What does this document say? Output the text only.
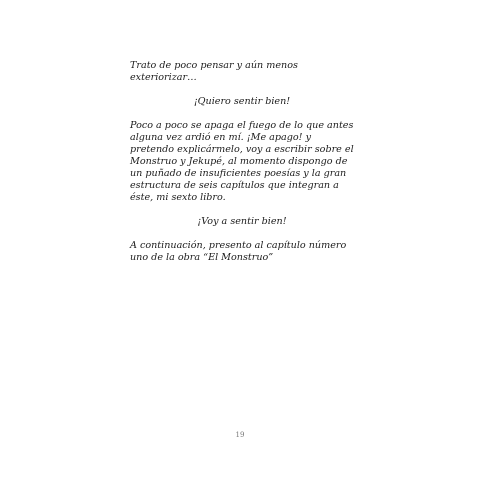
Trato de poco pensar y aún menos exteriorizar…

¡Quiero sentir bien!

Poco a poco se apaga el fuego de lo que antes alguna vez ardió en mí. ¡Me apago! y pretendo explicármelo, voy a escribir sobre el Monstruo y Jekupé, al momento dispongo de un puñado de insuficientes poesías y la gran estructura de seis capítulos que integran a éste, mi sexto libro.

¡Voy a sentir bien!

A continuación, presento al capítulo número uno de la obra “El Monstruo”

19
